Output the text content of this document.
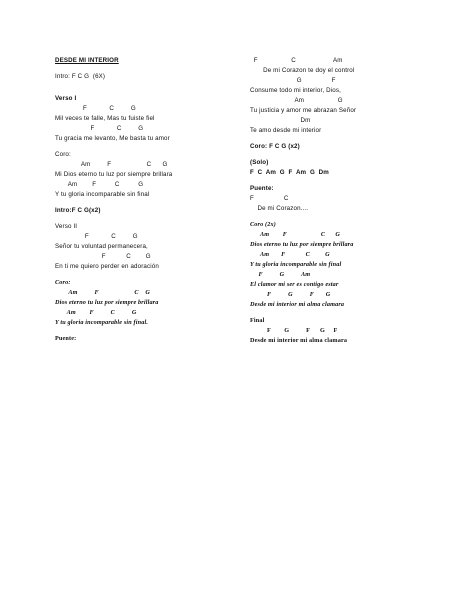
DESDE MI INTERIOR
Intro: F C G  (6X)
Verso I
F            C         G
Mil veces te falle, Mas tu fuiste fiel
F            C         G
Tu gracia me levanto, Me basta tu amor
Coro:
Am         F                   C      G
Mi Dios eterno tu luz por siempre brillara
Am        F          C          G
Y tu gloria incomparable sin final
Intro:F C G(x2)
Verso II
F            C         G
Señor tu voluntad permanecera,
F           C        G
En ti me quiero perder en adoración
Coro:
Am          F                     C    G
Dios eterno tu luz por siempre brillara
Am        F          C          G
Y tu gloria incomparable sin final.
Puente:
F                  C                    Am
De mi Corazon te doy el control
G                F
Consume todo mi interior, Dios,
Am                  G
Tu justicia y amor me abrazan Señor
Dm
Te amo desde mi interior
Coro: F C G (x2)
(Solo)
F  C  Am  G  F  Am  G  Dm
Puente:
F                C
De mi Corazon....
Coro (2x)
Am        F                    C      G
Dios eterno tu luz por siempre brillara
Am       F            C         G
Y tu gloria incomparable sin final
F          G          Am
El clamor mi ser es contigo estar
F          G          F       G
Desde mi interior mi alma clamara
Final
F        G          F      G     F
Desde mi interior mi alma clamara
